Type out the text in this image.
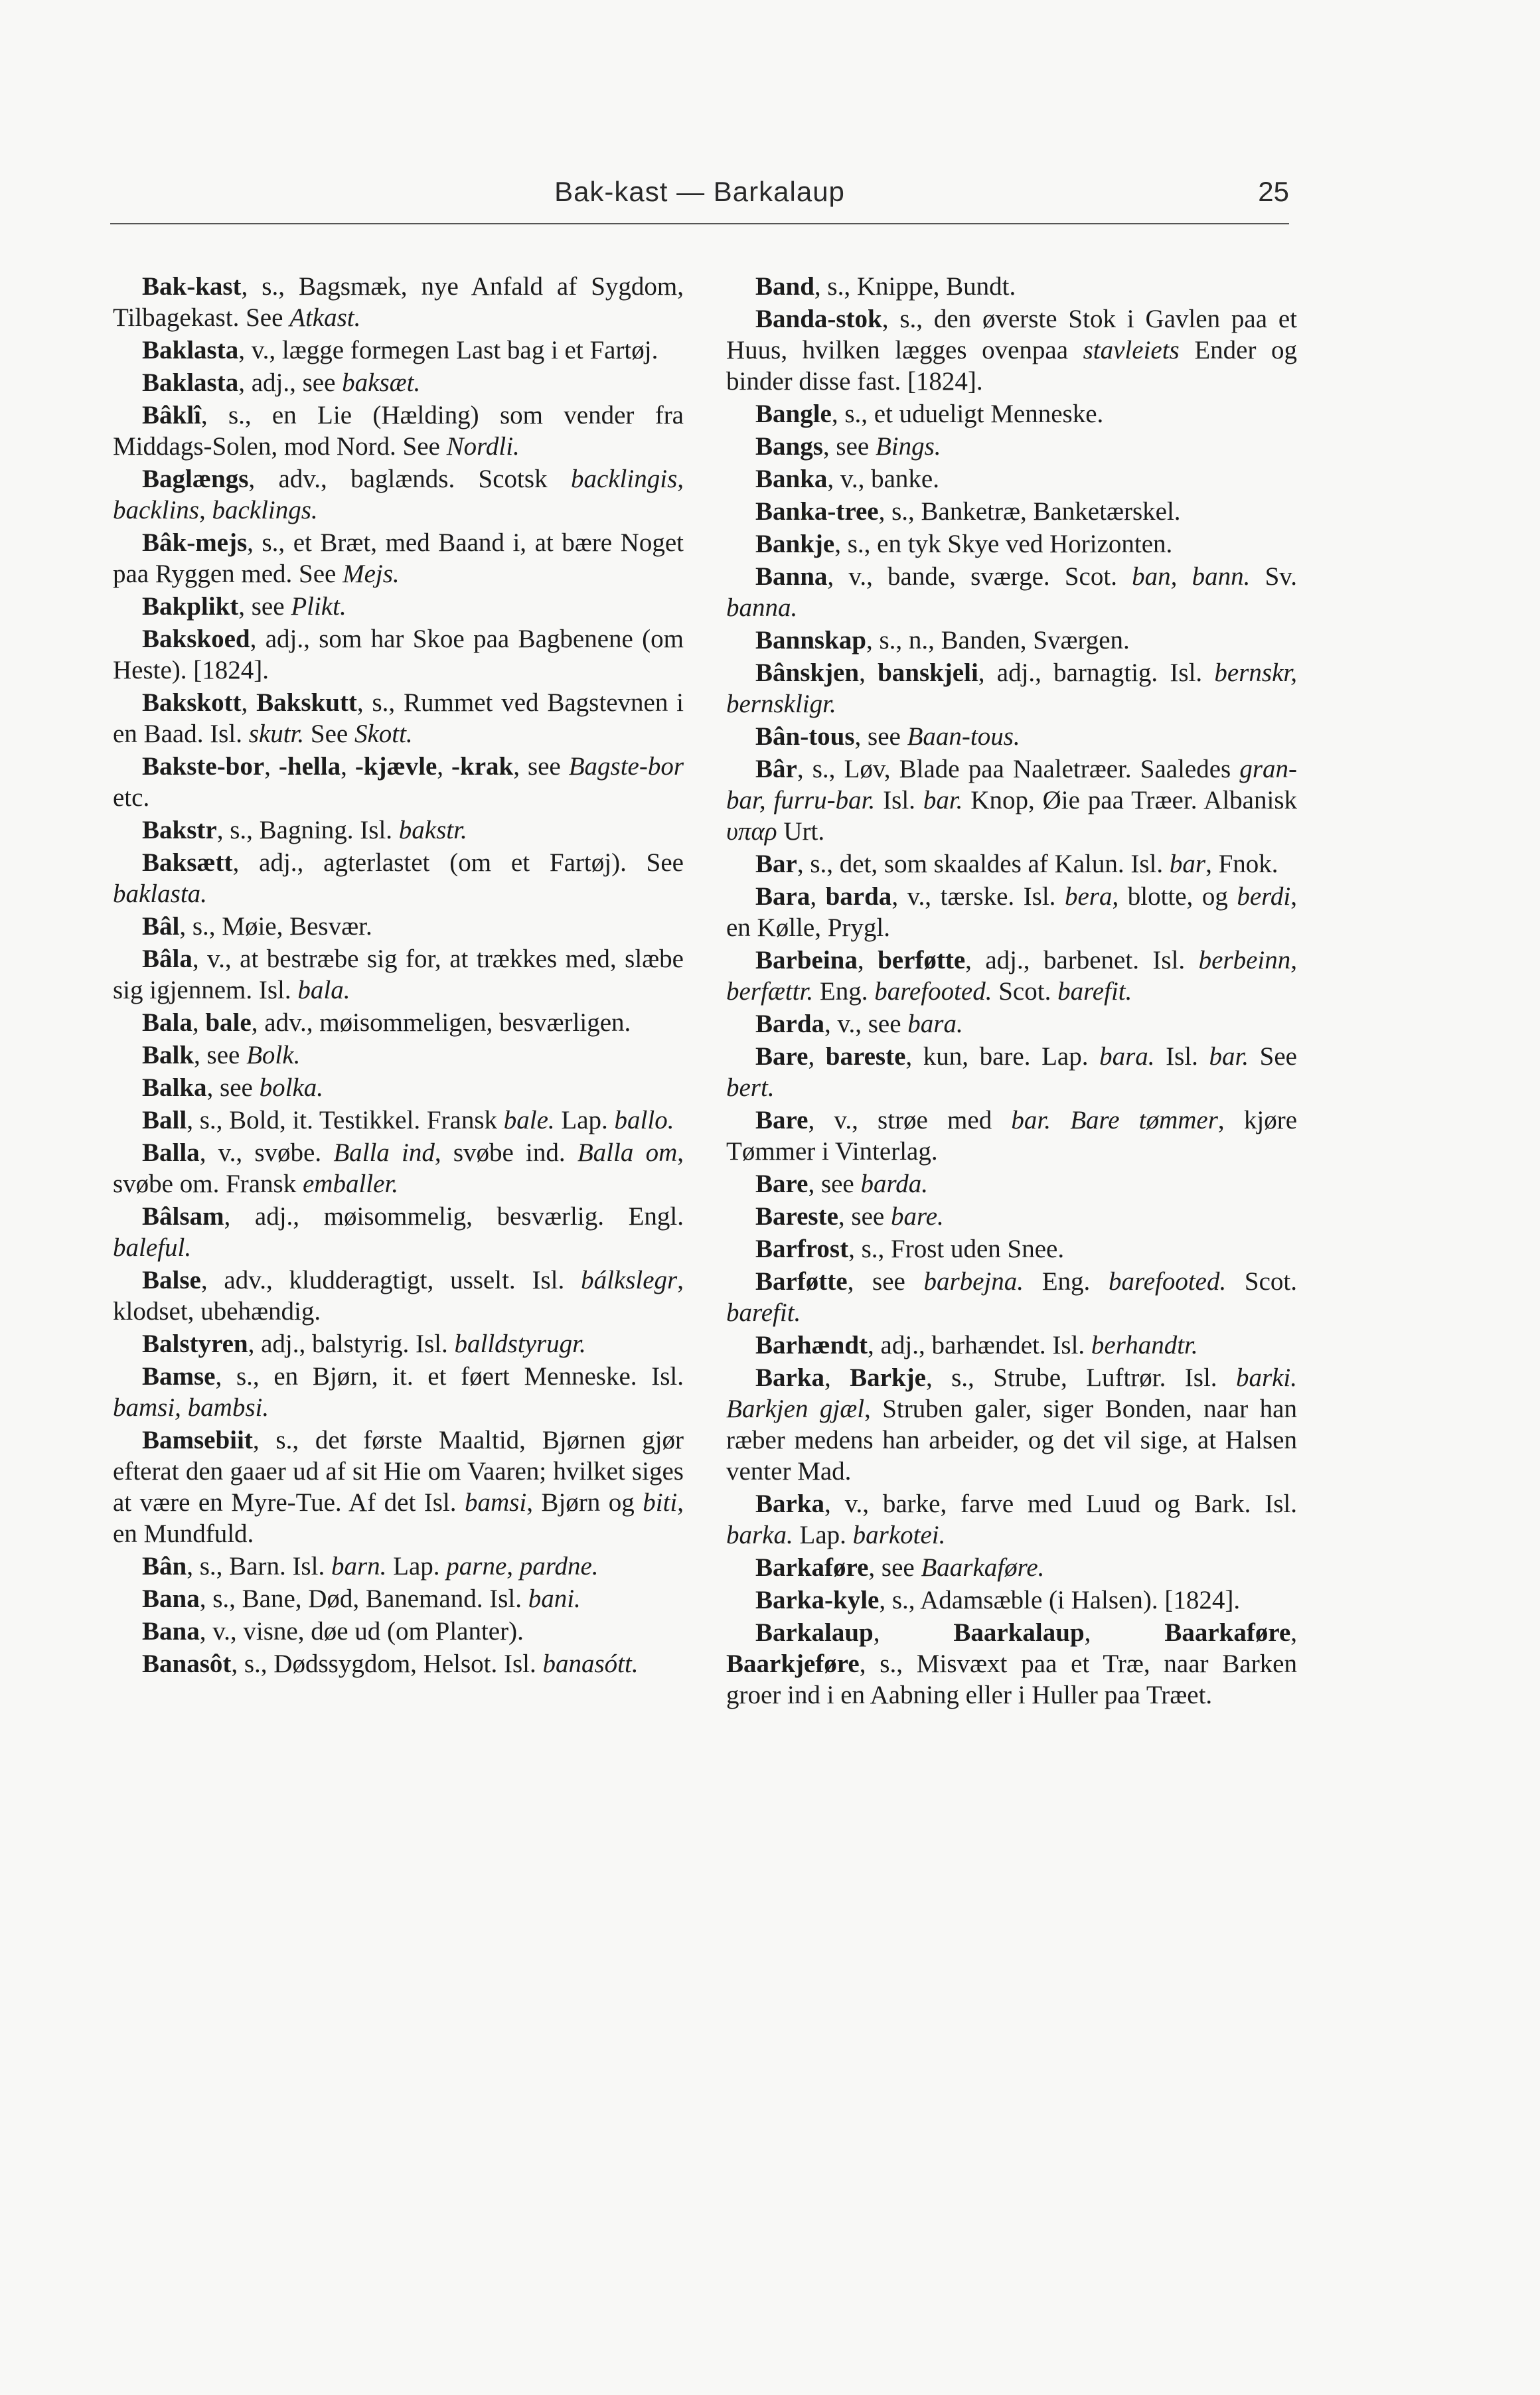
Bak-kast — Barkalaup	25

Bak-kast, s., Bagsmæk, nye Anfald af Sygdom, Tilbagekast. See Atkast.

Baklasta, v., lægge formegen Last bag i et Fartøj.

Baklasta, adj., see baksæt.

Bâklî, s., en Lie (Hælding) som vender fra Middags-Solen, mod Nord. See Nordli.

Baglængs, adv., baglænds. Scotsk backlingis, backlins, backlings.

Bâk-mejs, s., et Bræt, med Baand i, at bære Noget paa Ryggen med. See Mejs.

Bakplikt, see Plikt.

Bakskoed, adj., som har Skoe paa Bagbenene (om Heste). [1824].

Bakskott, Bakskutt, s., Rummet ved Bagstevnen i en Baad. Isl. skutr. See Skott.

Bakste-bor, -hella, -kjævle, -krak, see Bagste-bor etc.

Bakstr, s., Bagning. Isl. bakstr.

Baksætt, adj., agterlastet (om et Fartøj). See baklasta.

Bâl, s., Møie, Besvær.

Bâla, v., at bestræbe sig for, at trækkes med, slæbe sig igjennem. Isl. bala.

Bala, bale, adv., møisommeligen, besværligen.

Balk, see Bolk.

Balka, see bolka.

Ball, s., Bold, it. Testikkel. Fransk bale. Lap. ballo.

Balla, v., svøbe. Balla ind, svøbe ind. Balla om, svøbe om. Fransk emballer.

Bâlsam, adj., møisommelig, besværlig. Engl. baleful.

Balse, adv., kludderagtigt, usselt. Isl. bálkslegr, klodset, ubehændig.

Balstyren, adj., balstyrig. Isl. balldstyrugr.

Bamse, s., en Bjørn, it. et føert Menneske. Isl. bamsi, bambsi.

Bamsebiit, s., det første Maaltid, Bjørnen gjør efterat den gaaer ud af sit Hie om Vaaren; hvilket siges at være en Myre-Tue. Af det Isl. bamsi, Bjørn og biti, en Mundfuld.

Bân, s., Barn. Isl. barn. Lap. parne, pardne.

Bana, s., Bane, Død, Banemand. Isl. bani.

Bana, v., visne, døe ud (om Planter).

Banasôt, s., Dødssygdom, Helsot. Isl. banasótt.

Band, s., Knippe, Bundt.

Banda-stok, s., den øverste Stok i Gavlen paa et Huus, hvilken lægges ovenpaa stavleiets Ender og binder disse fast. [1824].

Bangle, s., et udueligt Menneske.

Bangs, see Bings.

Banka, v., banke.

Banka-tree, s., Banketræ, Banketærskel.

Bankje, s., en tyk Skye ved Horizonten.

Banna, v., bande, sværge. Scot. ban, bann. Sv. banna.

Bannskap, s., n., Banden, Sværgen.

Bânskjen, banskjeli, adj., barnagtig. Isl. bernskr, bernskligr.

Bân-tous, see Baan-tous.

Bâr, s., Løv, Blade paa Naaletræer. Saaledes gran-bar, furru-bar. Isl. bar. Knop, Øie paa Træer. Albanisk υπαρ Urt.

Bar, s., det, som skaaldes af Kalun. Isl. bar, Fnok.

Bara, barda, v., tærske. Isl. bera, blotte, og berdi, en Kølle, Prygl.

Barbeina, berføtte, adj., barbenet. Isl. berbeinn, berfættr. Eng. barefooted. Scot. barefit.

Barda, v., see bara.

Bare, bareste, kun, bare. Lap. bara. Isl. bar. See bert.

Bare, v., strøe med bar. Bare tømmer, kjøre Tømmer i Vinterlag.

Bare, see barda.

Bareste, see bare.

Barfrost, s., Frost uden Snee.

Barføtte, see barbejna. Eng. barefooted. Scot. barefit.

Barhændt, adj., barhændet. Isl. berhandtr.

Barka, Barkje, s., Strube, Luftrør. Isl. barki. Barkjen gjæl, Struben galer, siger Bonden, naar han ræber medens han arbeider, og det vil sige, at Halsen venter Mad.

Barka, v., barke, farve med Luud og Bark. Isl. barka. Lap. barkotei.

Barkaføre, see Baarkaføre.

Barka-kyle, s., Adamsæble (i Halsen). [1824].

Barkalaup, Baarkalaup, Baarkaføre, Baarkjeføre, s., Misvæxt paa et Træ, naar Barken groer ind i en Aabning eller i Huller paa Træet.
